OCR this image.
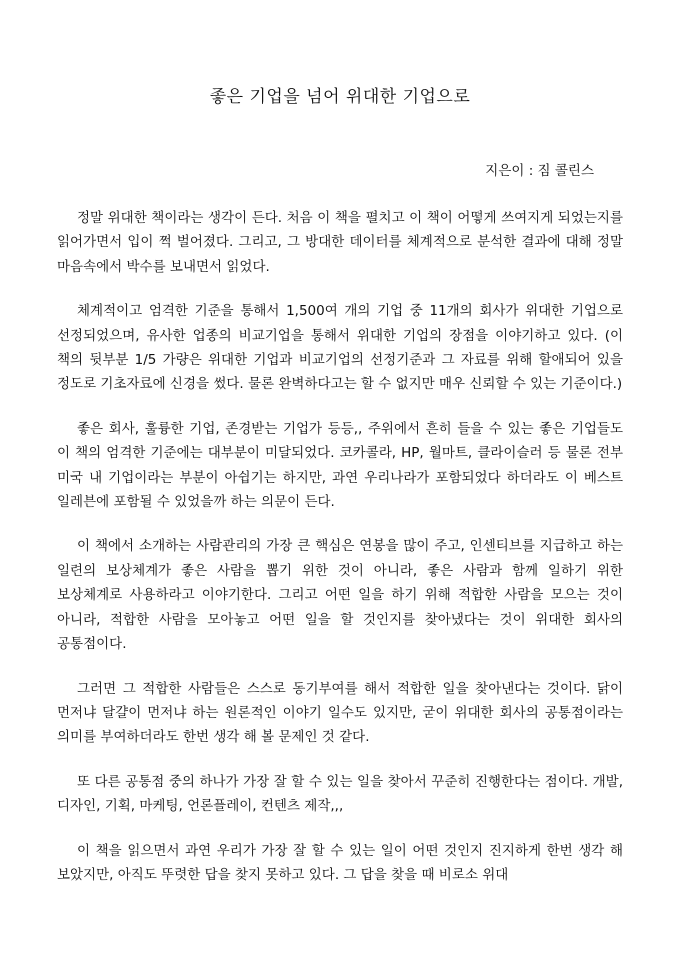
좋은 기업을 넘어 위대한 기업으로

지은이 : 짐 콜린스

정말 위대한 책이라는 생각이 든다. 처음 이 책을 펼치고 이 책이 어떻게 쓰여지게 되었는지를 읽어가면서 입이 쩍 벌어졌다. 그리고, 그 방대한 데이터를 체계적으로 분석한 결과에 대해 정말 마음속에서 박수를 보내면서 읽었다.

체계적이고 엄격한 기준을 통해서 1,500여 개의 기업 중 11개의 회사가 위대한 기업으로 선정되었으며, 유사한 업종의 비교기업을 통해서 위대한 기업의 장점을 이야기하고 있다. (이 책의 뒷부분 1/5 가량은 위대한 기업과 비교기업의 선정기준과 그 자료를 위해 할애되어 있을 정도로 기초자료에 신경을 썼다. 물론 완벽하다고는 할 수 없지만 매우 신뢰할 수 있는 기준이다.)

좋은 회사, 훌륭한 기업, 존경받는 기업가 등등,, 주위에서 흔히 들을 수 있는 좋은 기업들도 이 책의 엄격한 기준에는 대부분이 미달되었다. 코카콜라, HP, 월마트, 클라이슬러 등 물론 전부 미국 내 기업이라는 부분이 아쉽기는 하지만, 과연 우리나라가 포함되었다 하더라도 이 베스트 일레븐에 포함될 수 있었을까 하는 의문이 든다.

이 책에서 소개하는 사람관리의 가장 큰 핵심은 연봉을 많이 주고, 인센티브를 지급하고 하는 일련의 보상체계가 좋은 사람을 뽑기 위한 것이 아니라, 좋은 사람과 함께 일하기 위한 보상체계로 사용하라고 이야기한다. 그리고 어떤 일을 하기 위해 적합한 사람을 모으는 것이 아니라, 적합한 사람을 모아놓고 어떤 일을 할 것인지를 찾아냈다는 것이 위대한 회사의 공통점이다.

그러면 그 적합한 사람들은 스스로 동기부여를 해서 적합한 일을 찾아낸다는 것이다. 닭이 먼저냐 달걀이 먼저냐 하는 원론적인 이야기 일수도 있지만, 굳이 위대한 회사의 공통점이라는 의미를 부여하더라도 한번 생각 해 볼 문제인 것 같다.

또 다른 공통점 중의 하나가 가장 잘 할 수 있는 일을 찾아서 꾸준히 진행한다는 점이다. 개발, 디자인, 기획, 마케팅, 언론플레이, 컨텐츠 제작,,,

이 책을 읽으면서 과연 우리가 가장 잘 할 수 있는 일이 어떤 것인지 진지하게 한번 생각 해 보았지만, 아직도 뚜렷한 답을 찾지 못하고 있다. 그 답을 찾을 때 비로소 위대
